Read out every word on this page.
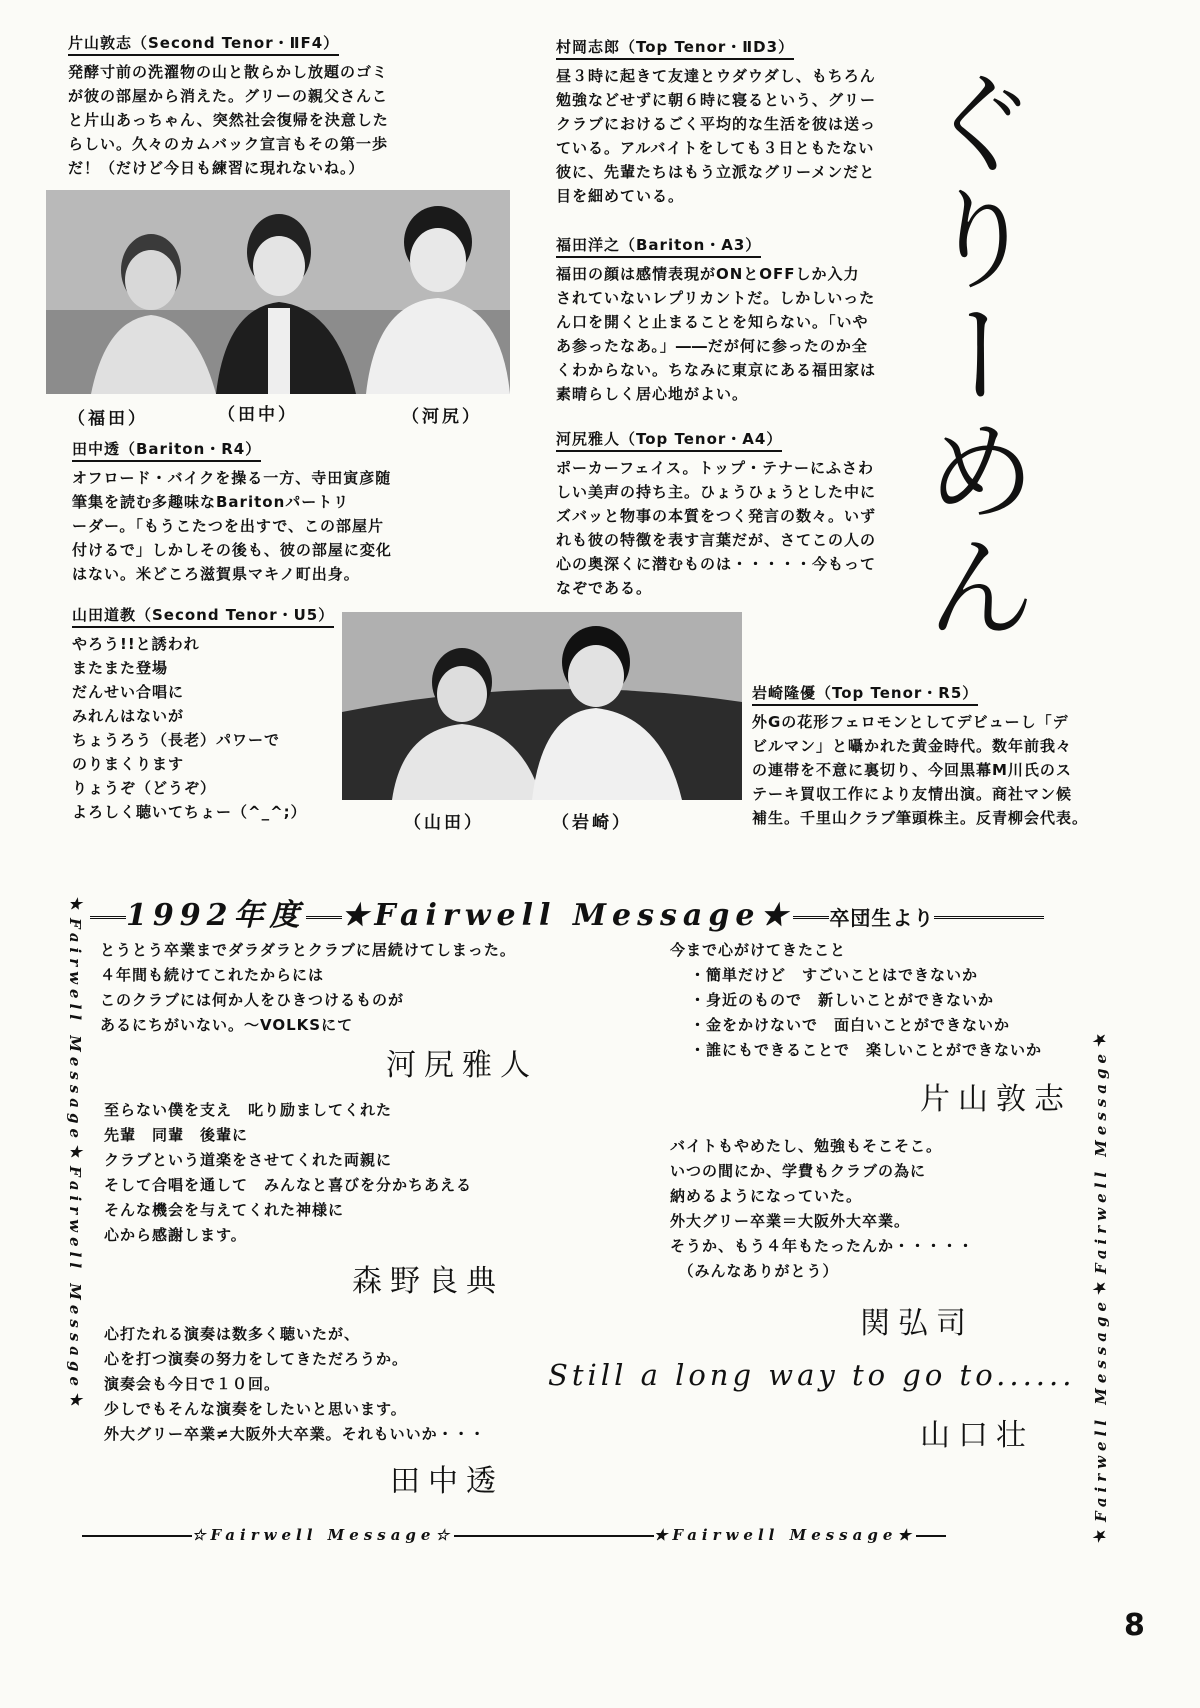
ぐりーめん
片山敦志（Second Tenor・ⅡF4）
発酵寸前の洗濯物の山と散らかし放題のゴミ
が彼の部屋から消えた。グリーの親父さんこ
と片山あっちゃん、突然社会復帰を決意した
らしい。久々のカムバック宣言もその第一歩
だ！（だけど今日も練習に現れないね。）
村岡志郎（Top Tenor・ⅡD3）
昼３時に起きて友達とウダウダし、もちろん
勉強などせずに朝６時に寝るという、グリー
クラブにおけるごく平均的な生活を彼は送っ
ている。アルバイトをしても３日ともたない
彼に、先輩たちはもう立派なグリーメンだと
目を細めている。
（福田）	（田中）	（河尻）
福田洋之（Bariton・A3）
福田の顔は感情表現がONとOFFしか入力
されていないレプリカントだ。しかしいった
ん口を開くと止まることを知らない。「いや
あ参ったなあ。」――だが何に参ったのか全
くわからない。ちなみに東京にある福田家は
素晴らしく居心地がよい。
田中透（Bariton・R4）
オフロード・バイクを操る一方、寺田寅彦随
筆集を読む多趣味なBaritonパートリ
ーダー。「もうこたつを出すで、この部屋片
付けるで」しかしその後も、彼の部屋に変化
はない。米どころ滋賀県マキノ町出身。
河尻雅人（Top Tenor・A4）
ポーカーフェイス。トップ・テナーにふさわ
しい美声の持ち主。ひょうひょうとした中に
ズバッと物事の本質をつく発言の数々。いず
れも彼の特徴を表す言葉だが、さてこの人の
心の奥深くに潜むものは・・・・・今もって
なぞである。
山田道教（Second Tenor・U5）
やろう!!と誘われ
またまた登場
だんせい合唱に
みれんはないが
ちょうろう（長老）パワーで
のりまくります
りょうぞ（どうぞ）
よろしく聴いてちょー（^_^;）
（山田）	（岩崎）
岩崎隆優（Top Tenor・R5）
外Gの花形フェロモンとしてデビューし「デ
ビルマン」と囁かれた黄金時代。数年前我々
の連帯を不意に裏切り、今回黒幕M川氏のス
テーキ買収工作により友情出演。商社マン候
補生。千里山クラブ筆頭株主。反青柳会代表。
1992年度 ★Fairwell Message★ 卒団生より
★Fairwell Message★Fairwell Message★	★Fairwell Message★Fairwell Message★
☆Fairwell Message☆	★Fairwell Message★
とうとう卒業までダラダラとクラブに居続けてしまった。
４年間も続けてこれたからには
このクラブには何か人をひきつけるものが
あるにちがいない。～VOLKSにて
河尻雅人
至らない僕を支え　叱り励ましてくれた
先輩　同輩　後輩に
クラブという道楽をさせてくれた両親に
そして合唱を通して　みんなと喜びを分かちあえる
そんな機会を与えてくれた神様に
心から感謝します。
森野良典
心打たれる演奏は数多く聴いたが、
心を打つ演奏の努力をしてきただろうか。
演奏会も今日で１０回。
少しでもそんな演奏をしたいと思います。
外大グリー卒業≠大阪外大卒業。それもいいか・・・
田中透
今まで心がけてきたこと
・簡単だけど　すごいことはできないか
・身近のもので　新しいことができないか
・金をかけないで　面白いことができないか
・誰にもできることで　楽しいことができないか
片山敦志
バイトもやめたし、勉強もそこそこ。
いつの間にか、学費もクラブの為に
納めるようになっていた。
外大グリー卒業＝大阪外大卒業。
そうか、もう４年もたったんか・・・・・
　（みんなありがとう）
関弘司
Still a long way to go to......
山口壮
8
